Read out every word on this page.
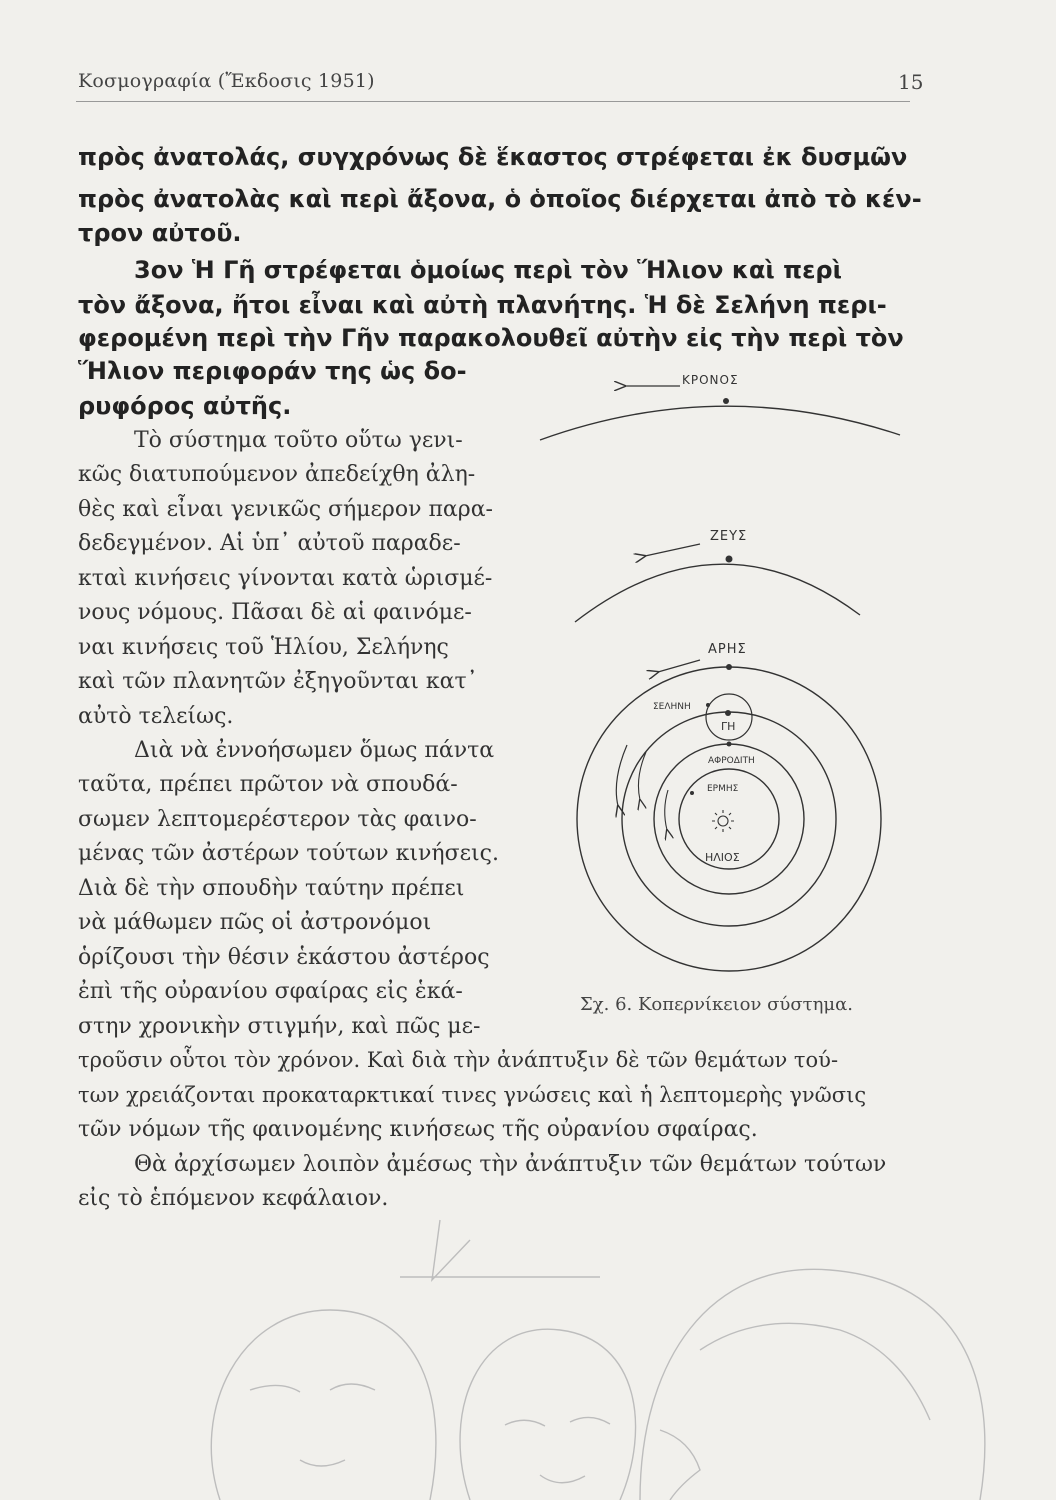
Κοσμογραφία (Ἔκδοσις 1951)	15
πρὸς ἀνατολάς, συγχρόνως δὲ ἕκαστος στρέφεται ἐκ δυσμῶν
πρὸς ἀνατολὰς καὶ περὶ ἄξονα, ὁ ὁποῖος διέρχεται ἀπὸ τὸ κέν-
τρον αὐτοῦ.
3ον Ἡ Γῆ στρέφεται ὁμοίως περὶ τὸν Ἥλιον καὶ περὶ
τὸν ἄξονα, ἤτοι εἶναι καὶ αὐτὴ πλανήτης. Ἡ δὲ Σελήνη περι-
φερομένη περὶ τὴν Γῆν παρακολουθεῖ αὐτὴν εἰς τὴν περὶ τὸν
Ἥλιον περιφοράν της ὡς δο-
ρυφόρος αὐτῆς.
Τὸ σύστημα τοῦτο οὕτω γενι-
κῶς διατυπούμενον ἀπεδείχθη ἀλη-
θὲς καὶ εἶναι γενικῶς σήμερον παρα-
δεδεγμένον. Αἱ ὑπ᾽ αὐτοῦ παραδε-
κταὶ κινήσεις γίνονται κατὰ ὡρισμέ-
νους νόμους. Πᾶσαι δὲ αἱ φαινόμε-
ναι κινήσεις τοῦ Ἡλίου, Σελήνης
καὶ τῶν πλανητῶν ἐξηγοῦνται κατ᾽
αὐτὸ τελείως.
Διὰ νὰ ἐννοήσωμεν ὅμως πάντα
ταῦτα, πρέπει πρῶτον νὰ σπουδά-
σωμεν λεπτομερέστερον τὰς φαινο-
μένας τῶν ἀστέρων τούτων κινήσεις.
Διὰ δὲ τὴν σπουδὴν ταύτην πρέπει
νὰ μάθωμεν πῶς οἱ ἀστρονόμοι
ὁρίζουσι τὴν θέσιν ἑκάστου ἀστέρος
ἐπὶ τῆς οὐρανίου σφαίρας εἰς ἑκά-
στην χρονικὴν στιγμήν, καὶ πῶς με-
τροῦσιν οὗτοι τὸν χρόνον. Καὶ διὰ τὴν ἀνάπτυξιν δὲ τῶν θεμάτων τού-
των χρειάζονται προκαταρκτικαί τινες γνώσεις καὶ ἡ λεπτομερὴς γνῶσις
τῶν νόμων τῆς φαινομένης κινήσεως τῆς οὐρανίου σφαίρας.
Θὰ ἀρχίσωμεν λοιπὸν ἀμέσως τὴν ἀνάπτυξιν τῶν θεμάτων τούτων
εἰς τὸ ἑπόμενον κεφάλαιον.
ΚΡΟΝΟΣ
ΖΕΥΣ
ΑΡΗΣ
ΣΕΛΗΝΗ
ΓΗ
ΑΦΡΟΔΙΤΗ
ΕΡΜΗΣ
ΗΛΙΟΣ
Σχ. 6. Κοπερνίκειον σύστημα.
